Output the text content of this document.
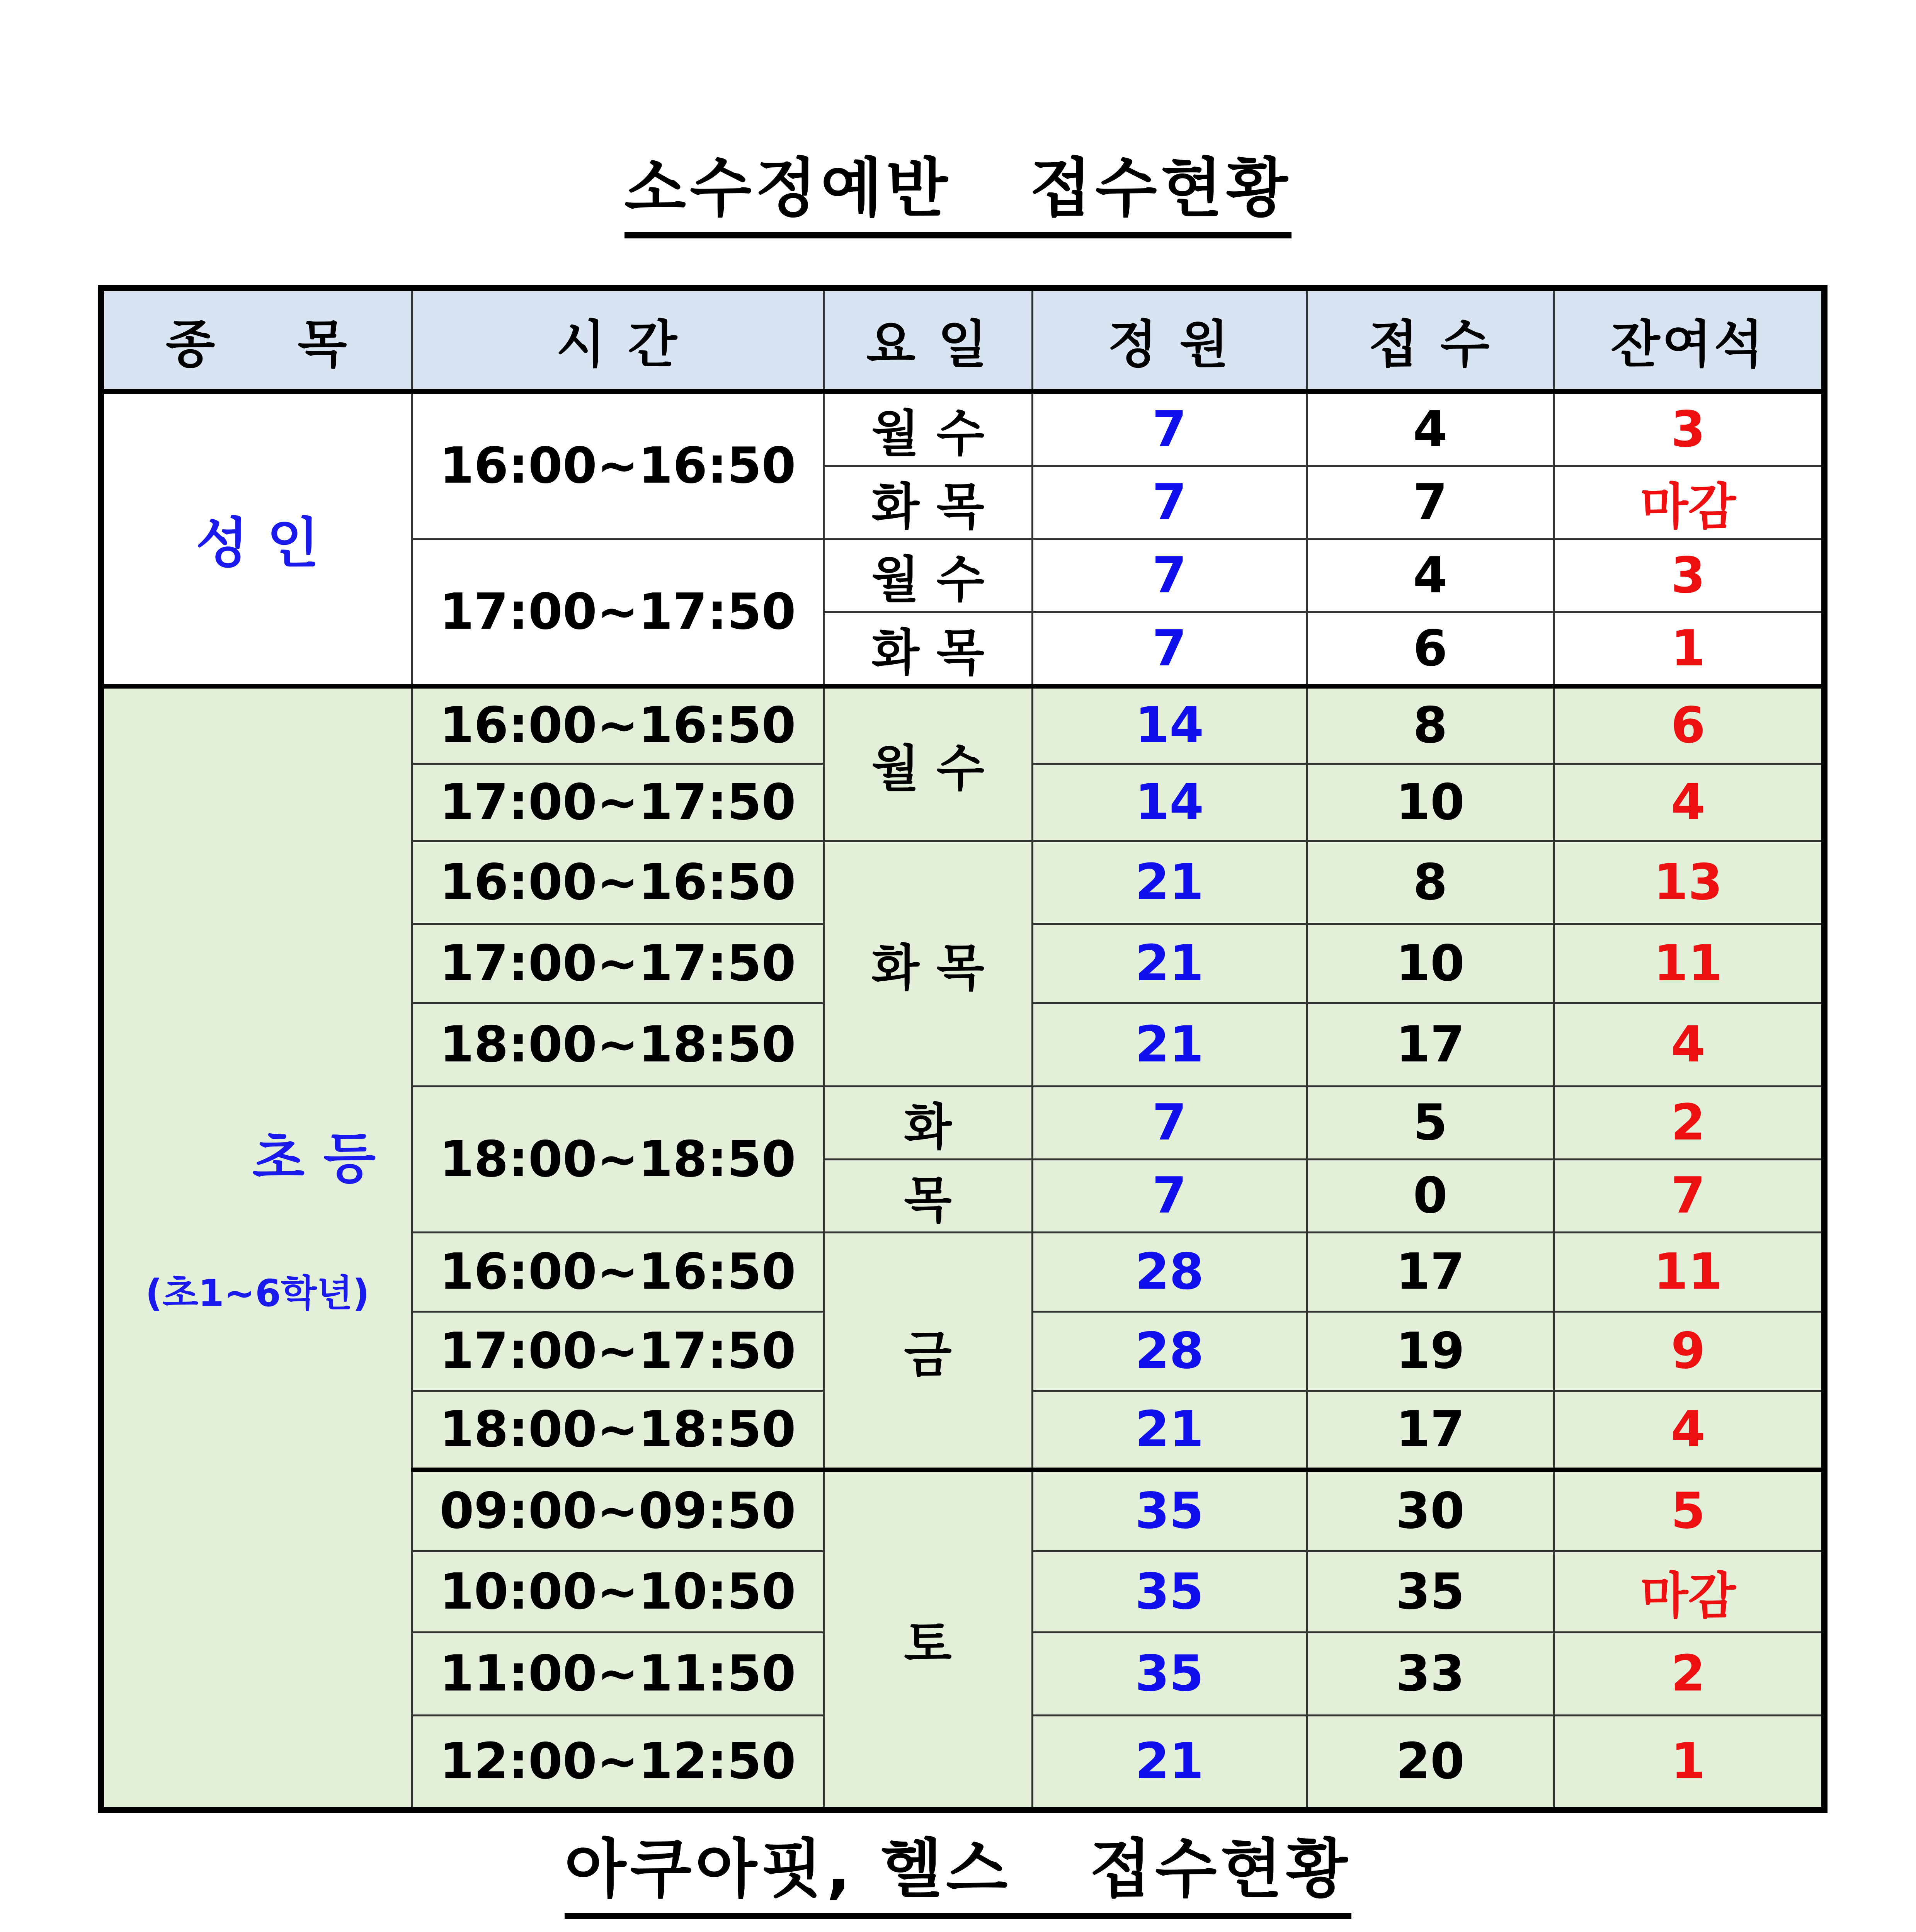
소수정예반 접수현황
종    목	시 간	요 일	정 원	접 수	잔여석
성 인	16:00~16:50	월 수	7	4	3
		화 목	7	7	마감
	17:00~17:50	월 수	7	4	3
		화 목	7	6	1

초 등

(초1~6학년)	16:00~16:50	월 수	14	8	6
	17:00~17:50		14	10	4
	16:00~16:50	화 목	21	8	13
	17:00~17:50		21	10	11
	18:00~18:50		21	17	4
	18:00~18:50	화	7	5	2
		목	7	0	7
	16:00~16:50	금	28	17	11
	17:00~17:50		28	19	9
	18:00~18:50		21	17	4
	09:00~09:50	토	35	30	5
	10:00~10:50		35	35	마감
	11:00~11:50		35	33	2
	12:00~12:50		21	20	1
아쿠아핏, 헬스 접수현황
